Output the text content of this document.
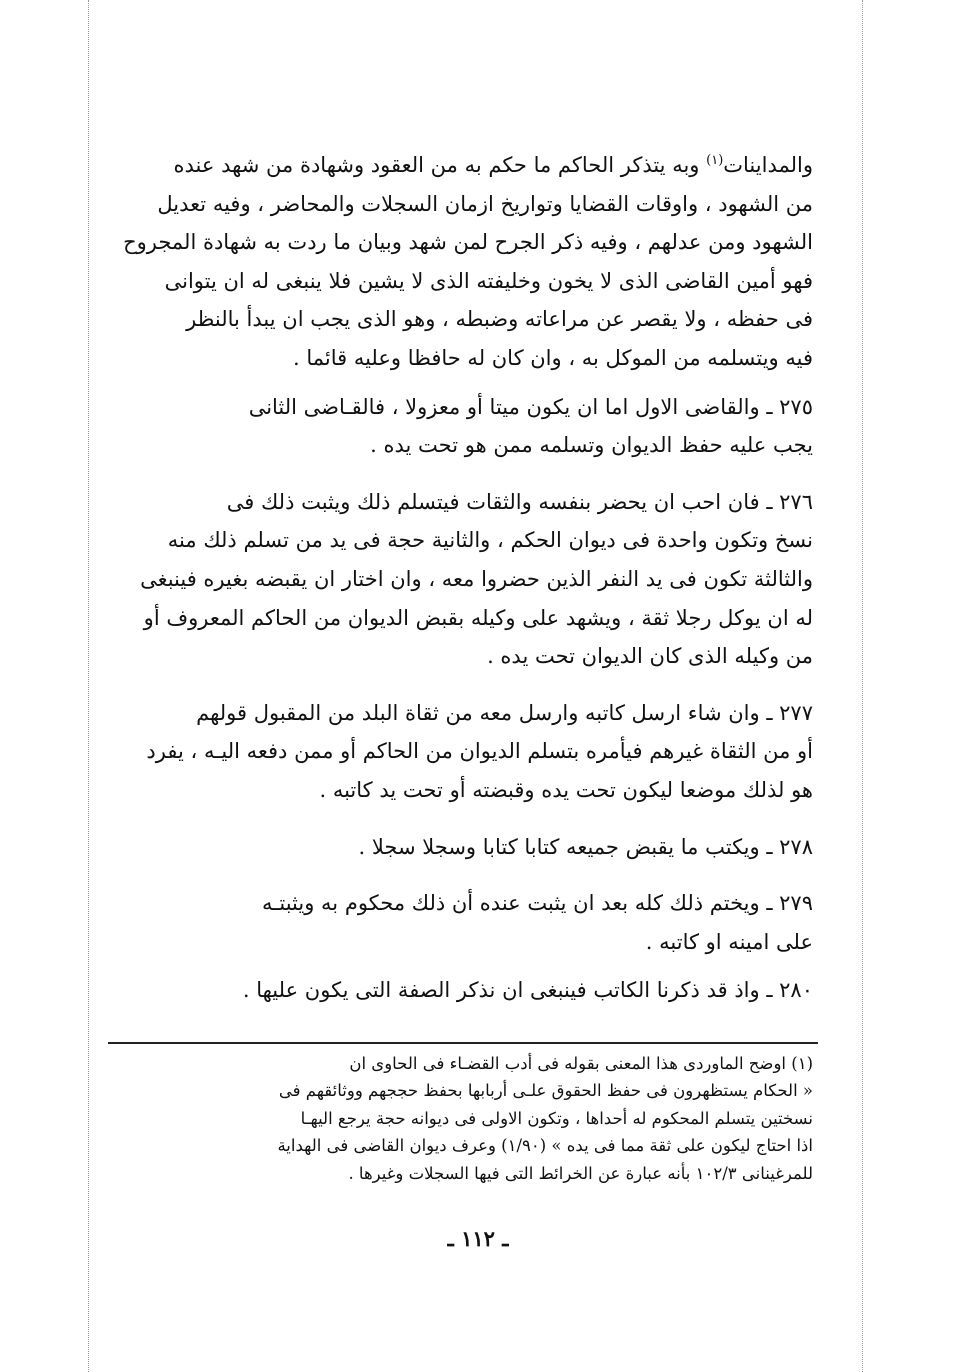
والمداينات$^{(١)}$ وبه يتذكر الحاكم ما حكم به من العقود وشهادة من شهد عنده
من الشهود ، واوقات القضايا وتواريخ ازمان السجلات والمحاضر ، وفيه تعديل
الشهود ومن عدلهم ، وفيه ذكر الجرح لمن شهد وبيان ما ردت به شهادة المجروح
فهو أمين القاضى الذى لا يخون وخليفته الذى لا يشين فلا ينبغى له ان يتوانى
فى حفظه ، ولا يقصر عن مراعاته وضبطه ، وهو الذى يجب ان يبدأ بالنظر
فيه ويتسلمه من الموكل به ، وان كان له حافظا وعليه قائما .
٢٧٥ ـ والقاضى الاول اما ان يكون ميتا أو معزولا ، فالقـاضى الثانى
يجب عليه حفظ الديوان وتسلمه ممن هو تحت يده .
٢٧٦ ـ فان احب ان يحضر بنفسه والثقات فيتسلم ذلك ويثبت ذلك فى
نسخ وتكون واحدة فى ديوان الحكم ، والثانية حجة فى يد من تسلم ذلك منه
والثالثة تكون فى يد النفر الذين حضروا معه ، وان اختار ان يقبضه بغيره فينبغى
له ان يوكل رجلا ثقة ، ويشهد على وكيله بقبض الديوان من الحاكم المعروف أو
من وكيله الذى كان الديوان تحت يده .
٢٧٧ ـ وان شاء ارسل كاتبه وارسل معه من ثقاة البلد من المقبول قولهم
أو من الثقاة غيرهم فيأمره بتسلم الديوان من الحاكم أو ممن دفعه اليـه ، يفرد
هو لذلك موضعا ليكون تحت يده وقبضته أو تحت يد كاتبه .
٢٧٨ ـ ويكتب ما يقبض جميعه كتابا كتابا وسجلا سجلا .
٢٧٩ ـ ويختم ذلك كله بعد ان يثبت عنده أن ذلك محكوم به ويثبتـه
على امينه او كاتبه .
٢٨٠ ـ واذ قد ذكرنا الكاتب فينبغى ان نذكر الصفة التى يكون عليها .
(١) اوضح الماوردى هذا المعنى بقوله فى أدب القضـاء فى الحاوى ان
« الحكام يستظهرون فى حفظ الحقوق علـى أربابها بحفظ حججهم ووثائقهم فى
نسختين يتسلم المحكوم له أحداها ، وتكون الاولى فى ديوانه حجة يرجع اليهـا
اذا احتاج ليكون على ثقة مما فى يده » (١/٩٠) وعرف ديوان القاضى فى الهداية
للمرغينانى ١٠٢/٣ بأنه عبارة عن الخرائط التى فيها السجلات وغيرها .
ـ ١١٢ ـ
